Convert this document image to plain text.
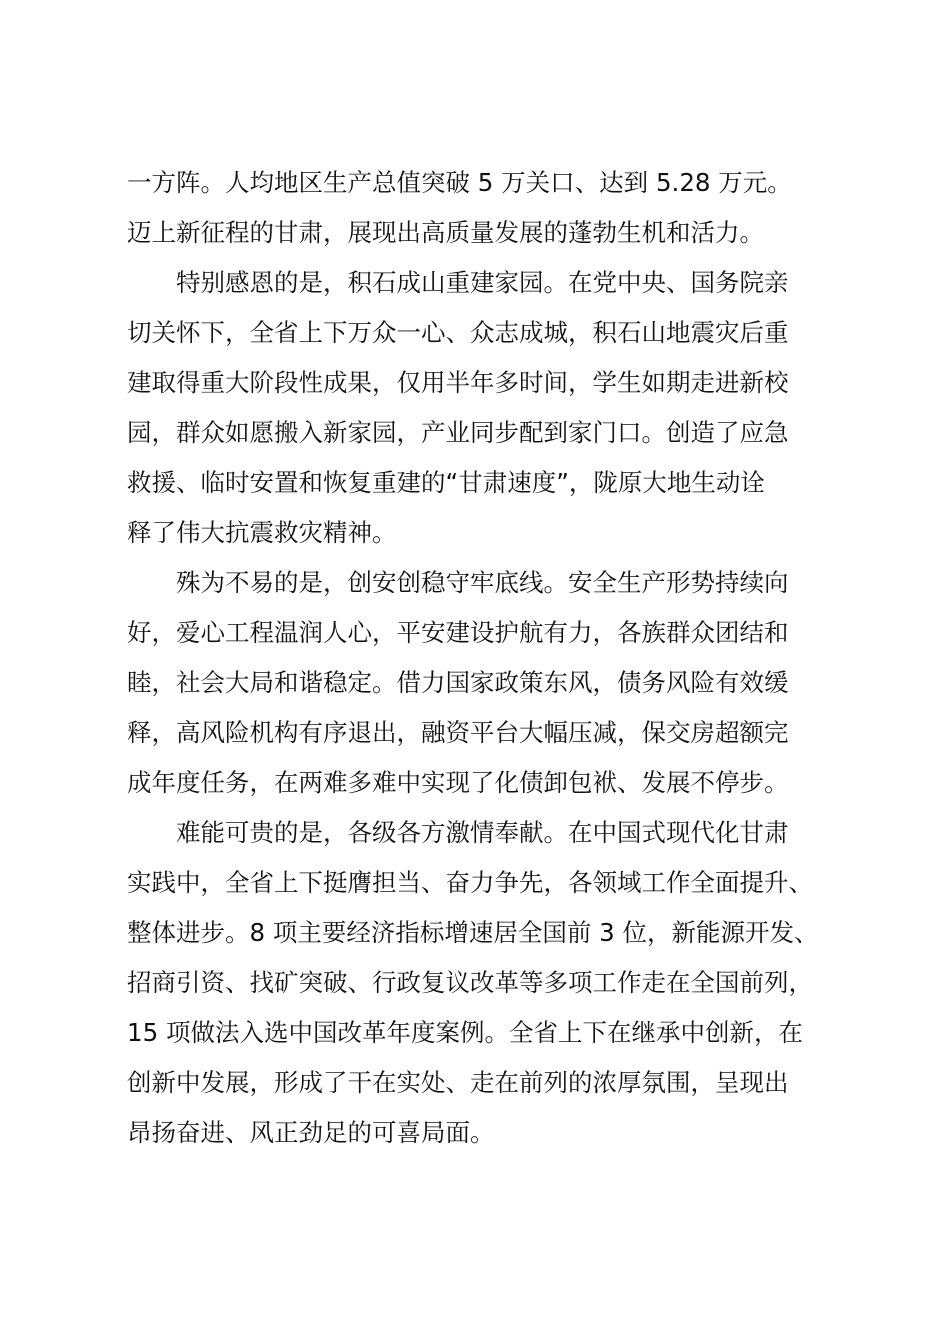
一方阵。人均地区生产总值突破 5 万关口、达到 5.28 万元。
迈上新征程的甘肃，展现出高质量发展的蓬勃生机和活力。
　　特别感恩的是，积石成山重建家园。在党中央、国务院亲
切关怀下，全省上下万众一心、众志成城，积石山地震灾后重
建取得重大阶段性成果，仅用半年多时间，学生如期走进新校
园，群众如愿搬入新家园，产业同步配到家门口。创造了应急
救援、临时安置和恢复重建的“甘肃速度”，陇原大地生动诠
释了伟大抗震救灾精神。
　　殊为不易的是，创安创稳守牢底线。安全生产形势持续向
好，爱心工程温润人心，平安建设护航有力，各族群众团结和
睦，社会大局和谐稳定。借力国家政策东风，债务风险有效缓
释，高风险机构有序退出，融资平台大幅压减，保交房超额完
成年度任务，在两难多难中实现了化债卸包袱、发展不停步。
　　难能可贵的是，各级各方激情奉献。在中国式现代化甘肃
实践中，全省上下挺膺担当、奋力争先，各领域工作全面提升、
整体进步。8 项主要经济指标增速居全国前 3 位，新能源开发、
招商引资、找矿突破、行政复议改革等多项工作走在全国前列，
15 项做法入选中国改革年度案例。全省上下在继承中创新，在
创新中发展，形成了干在实处、走在前列的浓厚氛围，呈现出
昂扬奋进、风正劲足的可喜局面。
